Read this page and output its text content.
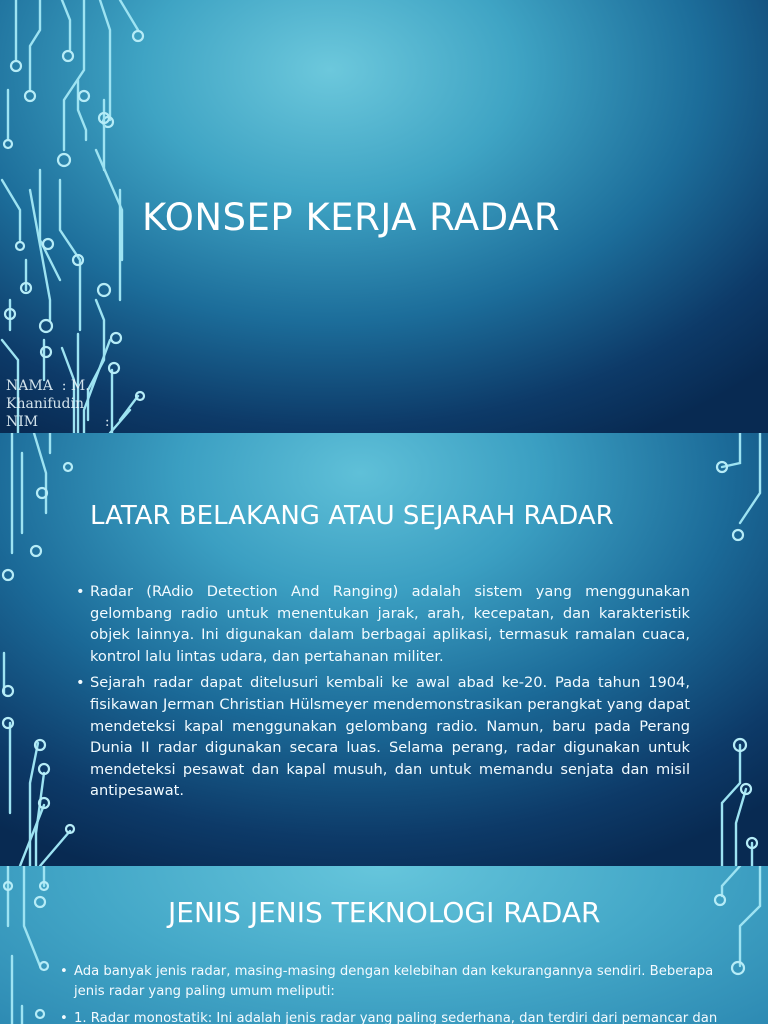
KONSEP KERJA RADAR
NAMA  : M.
Khanifudin
NIM               :
LATAR BELAKANG ATAU SEJARAH RADAR
• Radar (RAdio Detection And Ranging) adalah sistem yang menggunakan gelombang radio untuk menentukan jarak, arah, kecepatan, dan karakteristik objek lainnya. Ini digunakan dalam berbagai aplikasi, termasuk ramalan cuaca, kontrol lalu lintas udara, dan pertahanan militer.
• Sejarah radar dapat ditelusuri kembali ke awal abad ke-20. Pada tahun 1904, fisikawan Jerman Christian Hülsmeyer mendemonstrasikan perangkat yang dapat mendeteksi kapal menggunakan gelombang radio. Namun, baru pada Perang Dunia II radar digunakan secara luas. Selama perang, radar digunakan untuk mendeteksi pesawat dan kapal musuh, dan untuk memandu senjata dan misil antipesawat.
JENIS JENIS TEKNOLOGI RADAR
• Ada banyak jenis radar, masing-masing dengan kelebihan dan kekurangannya sendiri. Beberapa jenis radar yang paling umum meliputi:
• 1. Radar monostatik: Ini adalah jenis radar yang paling sederhana, dan terdiri dari pemancar dan
